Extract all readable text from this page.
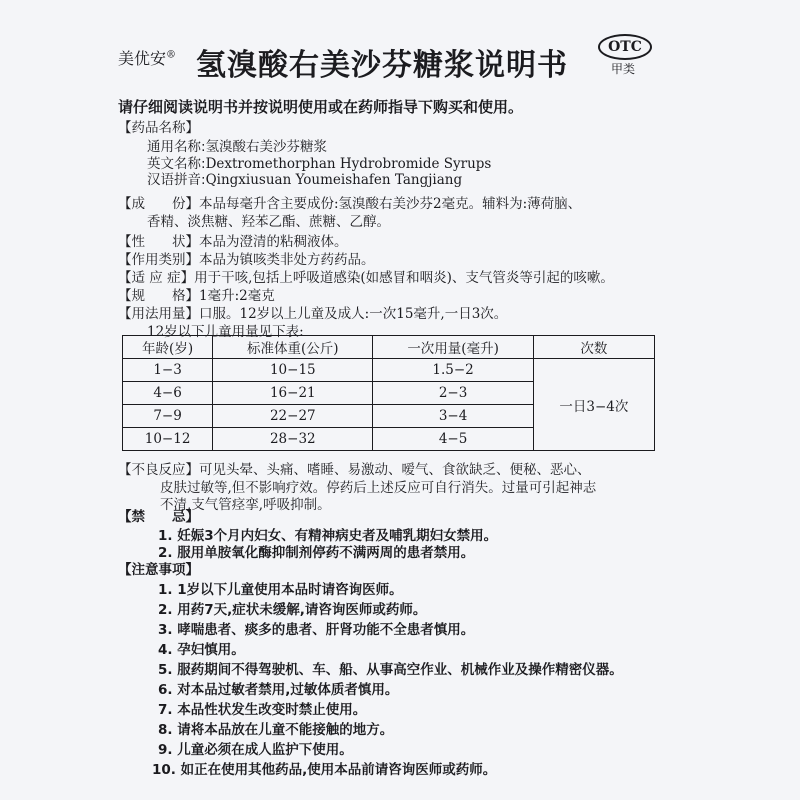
美优安® 氢溴酸右美沙芬糖浆说明书
OTC
甲类
请仔细阅读说明书并按说明使用或在药师指导下购买和使用。
【药品名称】
通用名称:氢溴酸右美沙芬糖浆
英文名称:Dextromethorphan Hydrobromide Syrups
汉语拼音:Qingxiusuan Youmeishafen Tangjiang
【成　　份】本品每毫升含主要成份:氢溴酸右美沙芬2毫克。辅料为:薄荷脑、
香精、淡焦糖、羟苯乙酯、蔗糖、乙醇。
【性　　状】本品为澄清的粘稠液体。
【作用类别】本品为镇咳类非处方药药品。
【适 应 症】用于干咳,包括上呼吸道感染(如感冒和咽炎)、支气管炎等引起的咳嗽。
【规　　格】1毫升:2毫克
【用法用量】口服。12岁以上儿童及成人:一次15毫升,一日3次。
12岁以下儿童用量见下表:
年龄(岁)	标准体重(公斤)	一次用量(毫升)	次数
1−3	10−15	1.5−2	一日3−4次
4−6	16−21	2−3	
7−9	22−27	3−4	
10−12	28−32	4−5	
【不良反应】可见头晕、头痛、嗜睡、易激动、嗳气、食欲缺乏、便秘、恶心、
皮肤过敏等,但不影响疗效。停药后上述反应可自行消失。过量可引起神志
不清,支气管痉挛,呼吸抑制。
【禁　　忌】
1. 妊娠3个月内妇女、有精神病史者及哺乳期妇女禁用。
2. 服用单胺氧化酶抑制剂停药不满两周的患者禁用。
【注意事项】
1. 1岁以下儿童使用本品时请咨询医师。
2. 用药7天,症状未缓解,请咨询医师或药师。
3. 哮喘患者、痰多的患者、肝肾功能不全患者慎用。
4. 孕妇慎用。
5. 服药期间不得驾驶机、车、船、从事高空作业、机械作业及操作精密仪器。
6. 对本品过敏者禁用,过敏体质者慎用。
7. 本品性状发生改变时禁止使用。
8. 请将本品放在儿童不能接触的地方。
9. 儿童必须在成人监护下使用。
10. 如正在使用其他药品,使用本品前请咨询医师或药师。
